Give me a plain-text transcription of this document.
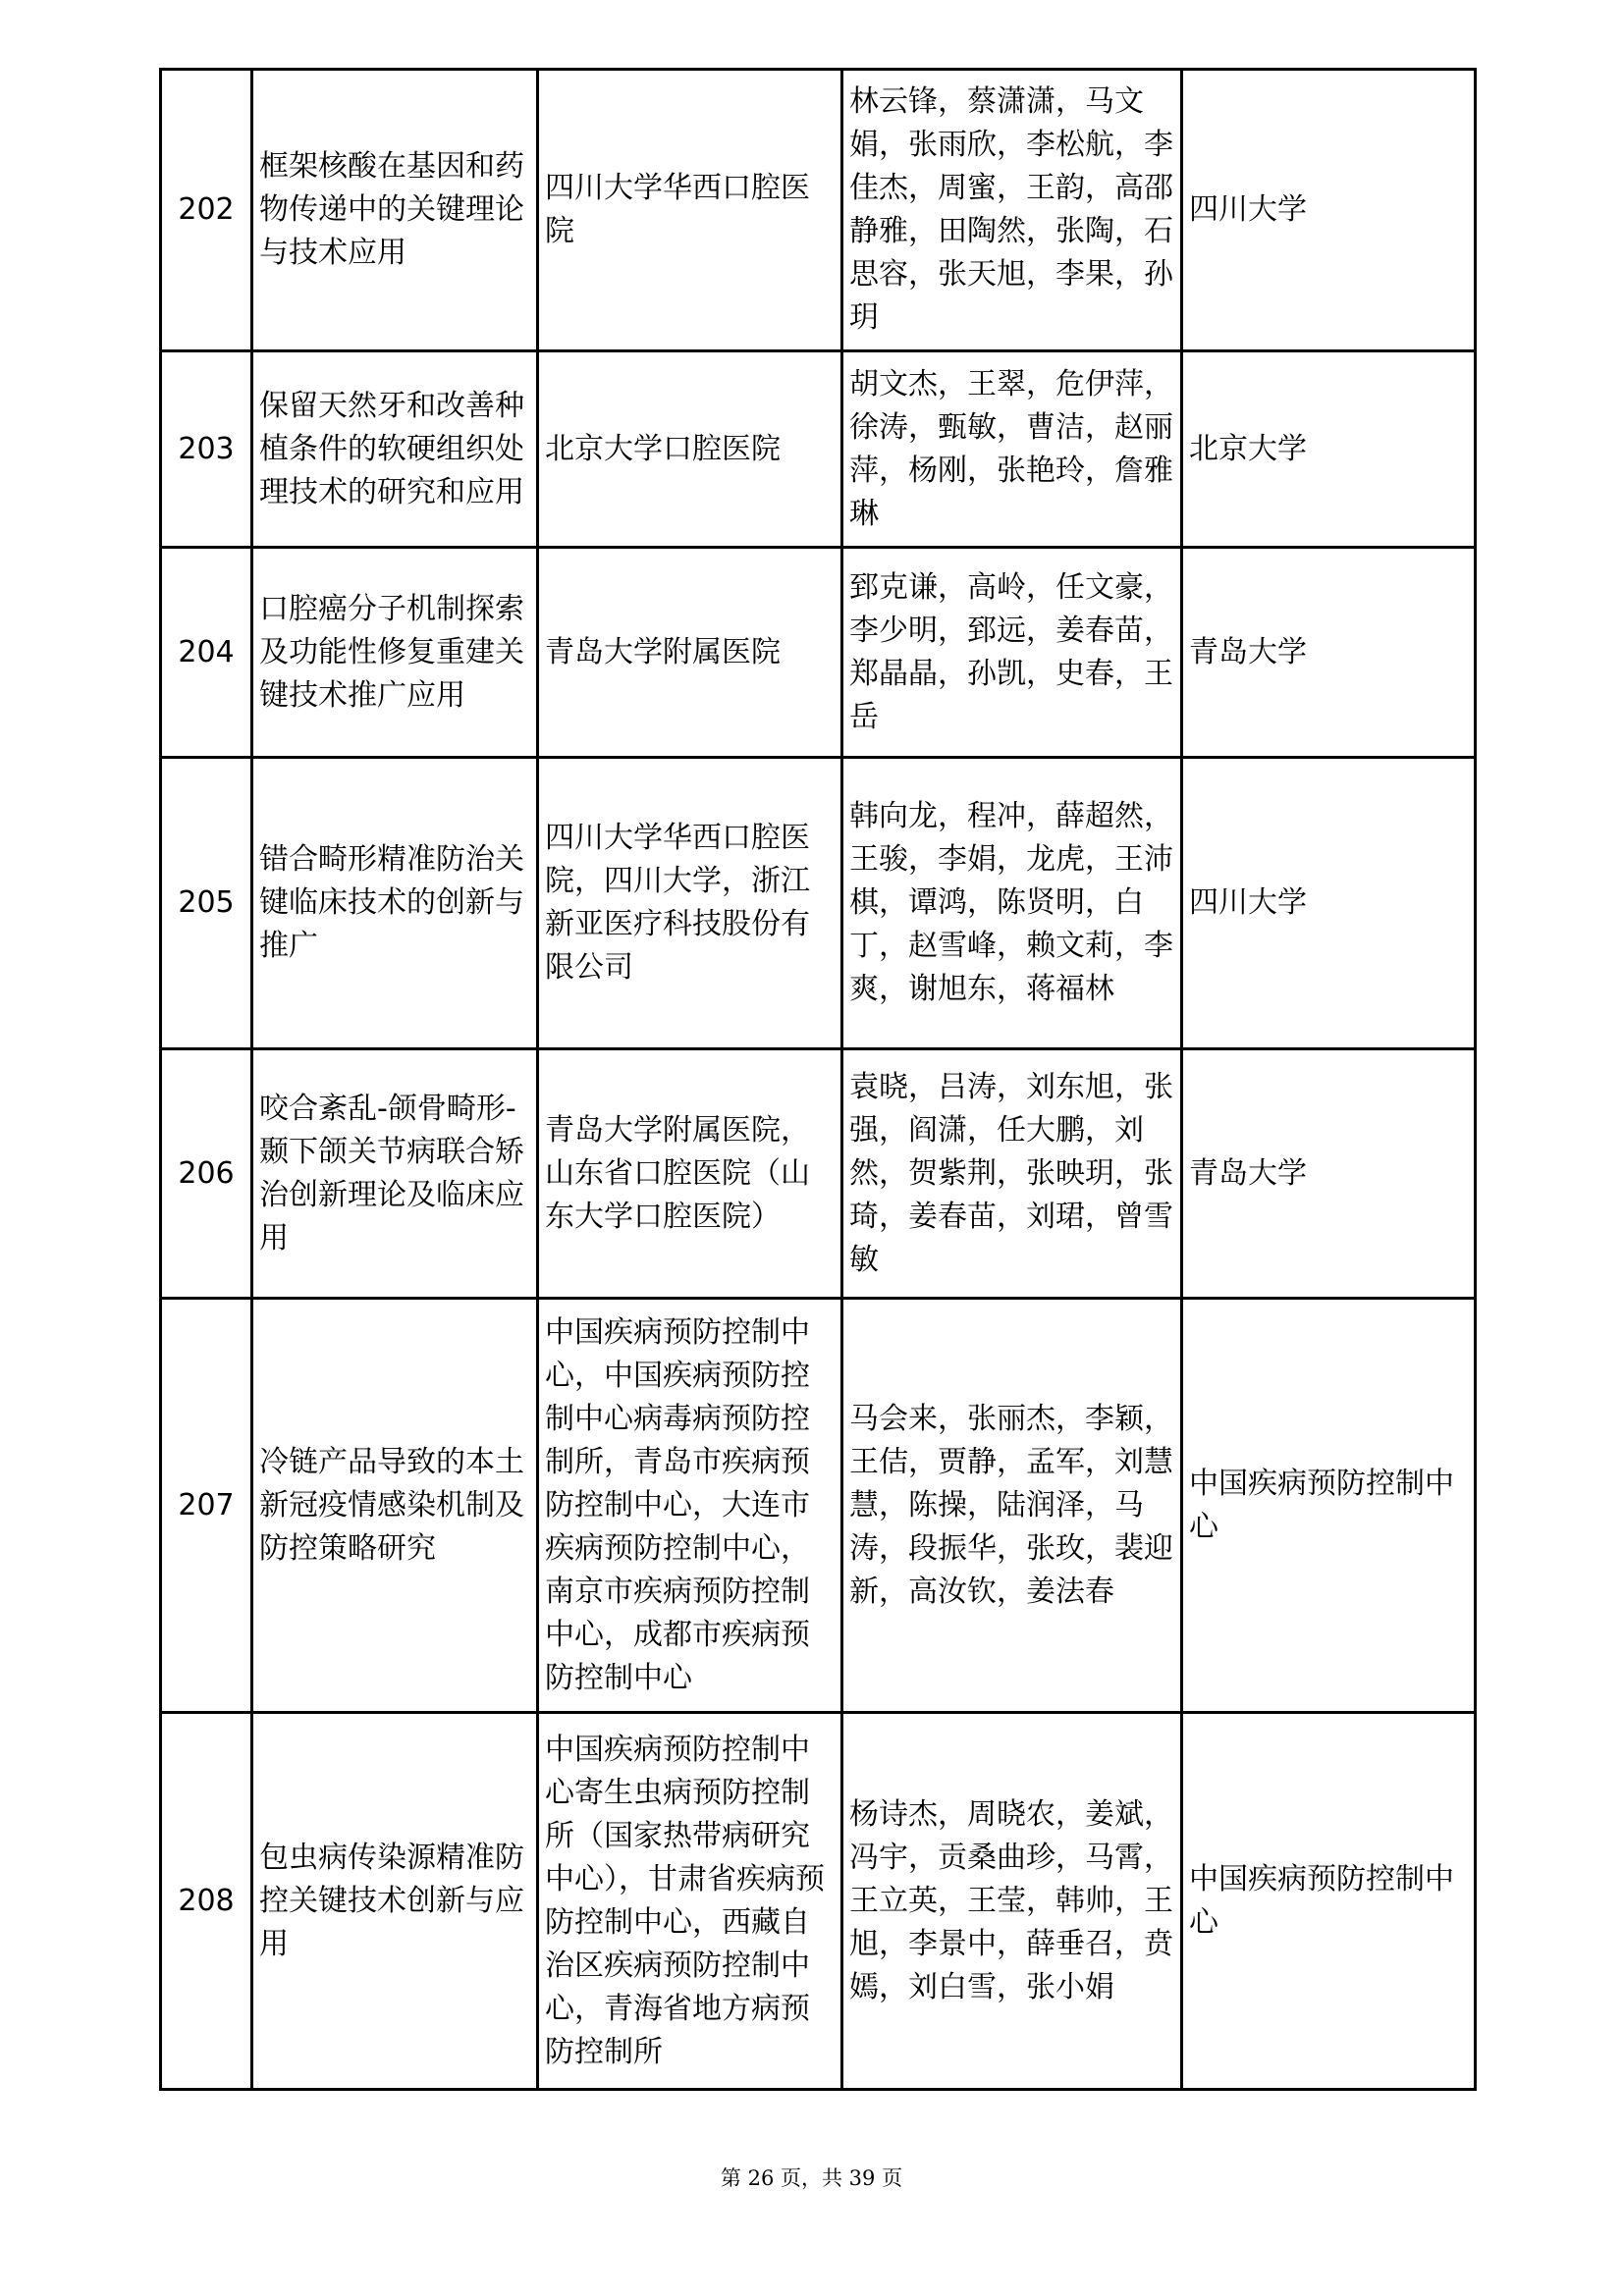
202	框架核酸在基因和药物传递中的关键理论与技术应用	四川大学华西口腔医院	林云锋，蔡潇潇，马文娟，张雨欣，李松航，李佳杰，周蜜，王韵，高邵静雅，田陶然，张陶，石思容，张天旭，李果，孙玥	四川大学
203	保留天然牙和改善种植条件的软硬组织处理技术的研究和应用	北京大学口腔医院	胡文杰，王翠，危伊萍，徐涛，甄敏，曹洁，赵丽萍，杨刚，张艳玲，詹雅琳	北京大学
204	口腔癌分子机制探索及功能性修复重建关键技术推广应用	青岛大学附属医院	郅克谦，高岭，任文豪，李少明，郅远，姜春苗，郑晶晶，孙凯，史春，王岳	青岛大学
205	错合畸形精准防治关键临床技术的创新与推广	四川大学华西口腔医院，四川大学，浙江新亚医疗科技股份有限公司	韩向龙，程冲，薛超然，王骏，李娟，龙虎，王沛棋，谭鸿，陈贤明，白丁，赵雪峰，赖文莉，李爽，谢旭东，蒋福林	四川大学
206	咬合紊乱-颌骨畸形-颞下颌关节病联合矫治创新理论及临床应用	青岛大学附属医院，山东省口腔医院（山东大学口腔医院）	袁晓，吕涛，刘东旭，张强，阎潇，任大鹏，刘然，贺紫荆，张映玥，张琦，姜春苗，刘珺，曾雪敏	青岛大学
207	冷链产品导致的本土新冠疫情感染机制及防控策略研究	中国疾病预防控制中心，中国疾病预防控制中心病毒病预防控制所，青岛市疾病预防控制中心，大连市疾病预防控制中心，南京市疾病预防控制中心，成都市疾病预防控制中心	马会来，张丽杰，李颖，王佶，贾静，孟军，刘慧慧，陈操，陆润泽，马涛，段振华，张玫，裴迎新，高汝钦，姜法春	中国疾病预防控制中心
208	包虫病传染源精准防控关键技术创新与应用	中国疾病预防控制中心寄生虫病预防控制所（国家热带病研究中心），甘肃省疾病预防控制中心，西藏自治区疾病预防控制中心，青海省地方病预防控制所	杨诗杰，周晓农，姜斌，冯宇，贡桑曲珍，马霄，王立英，王莹，韩帅，王旭，李景中，薛垂召，贲嫣，刘白雪，张小娟	中国疾病预防控制中心
第 26 页，共 39 页
